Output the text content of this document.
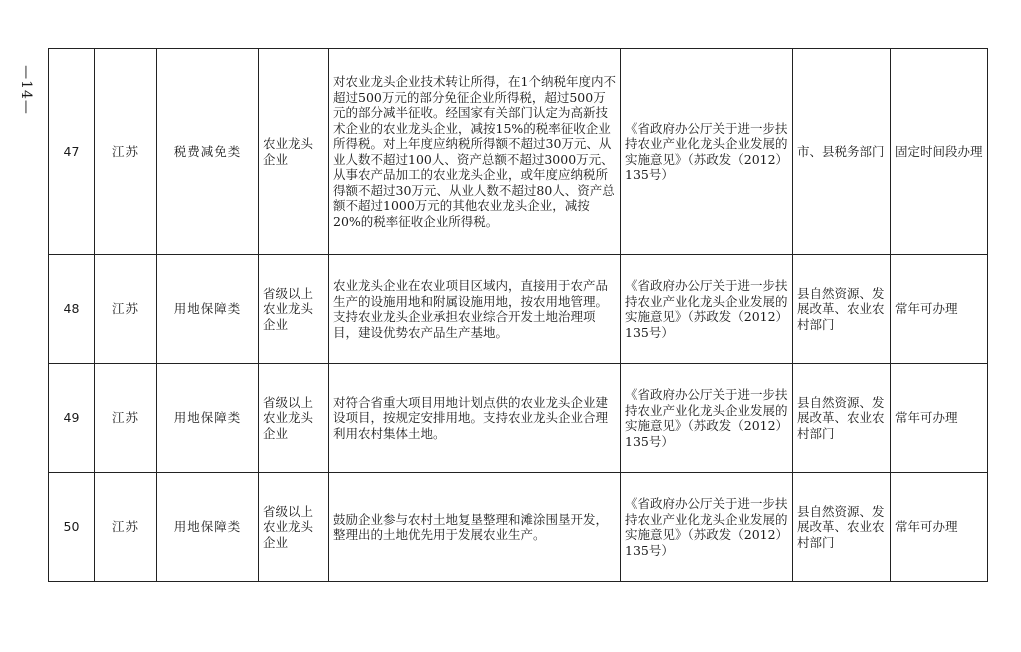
—14—
47	江苏	税费减免类	农业龙头企业	对农业龙头企业技术转让所得，在1个纳税年度内不超过500万元的部分免征企业所得税，超过500万元的部分减半征收。经国家有关部门认定为高新技术企业的农业龙头企业，减按15%的税率征收企业所得税。对上年度应纳税所得额不超过30万元、从业人数不超过100人、资产总额不超过3000万元、从事农产品加工的农业龙头企业，或年度应纳税所得额不超过30万元、从业人数不超过80人、资产总额不超过1000万元的其他农业龙头企业，减按20%的税率征收企业所得税。	《省政府办公厅关于进一步扶持农业产业化龙头企业发展的实施意见》（苏政发（2012）135号）	市、县税务部门	固定时间段办理
48	江苏	用地保障类	省级以上农业龙头企业	农业龙头企业在农业项目区域内，直接用于农产品生产的设施用地和附属设施用地，按农用地管理。支持农业龙头企业承担农业综合开发土地治理项目，建设优势农产品生产基地。	《省政府办公厅关于进一步扶持农业产业化龙头企业发展的实施意见》（苏政发（2012）135号）	县自然资源、发展改革、农业农村部门	常年可办理
49	江苏	用地保障类	省级以上农业龙头企业	对符合省重大项目用地计划点供的农业龙头企业建设项目，按规定安排用地。支持农业龙头企业合理利用农村集体土地。	《省政府办公厅关于进一步扶持农业产业化龙头企业发展的实施意见》（苏政发（2012）135号）	县自然资源、发展改革、农业农村部门	常年可办理
50	江苏	用地保障类	省级以上农业龙头企业	鼓励企业参与农村土地复垦整理和滩涂围垦开发，整理出的土地优先用于发展农业生产。	《省政府办公厅关于进一步扶持农业产业化龙头企业发展的实施意见》（苏政发（2012）135号）	县自然资源、发展改革、农业农村部门	常年可办理
